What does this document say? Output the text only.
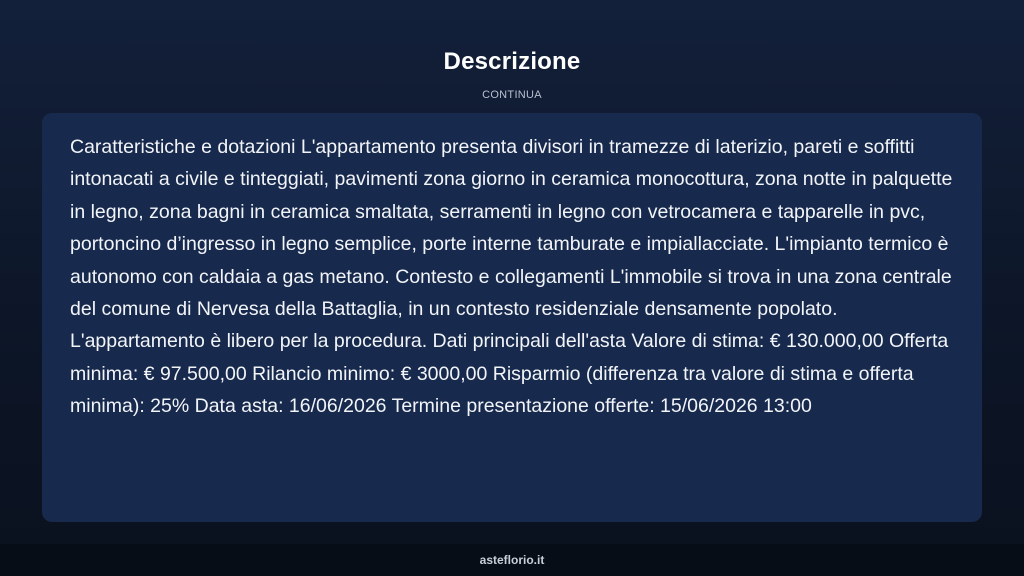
Descrizione
CONTINUA

Caratteristiche e dotazioni L'appartamento presenta divisori in tramezze di laterizio, pareti e soffitti intonacati a civile e tinteggiati, pavimenti zona giorno in ceramica monocottura, zona notte in palquette in legno, zona bagni in ceramica smaltata, serramenti in legno con vetrocamera e tapparelle in pvc, portoncino d’ingresso in legno semplice, porte interne tamburate e impiallacciate. L'impianto termico è autonomo con caldaia a gas metano. Contesto e collegamenti L'immobile si trova in una zona centrale del comune di Nervesa della Battaglia, in un contesto residenziale densamente popolato. L'appartamento è libero per la procedura. Dati principali dell'asta Valore di stima: € 130.000,00 Offerta minima: € 97.500,00 Rilancio minimo: € 3000,00 Risparmio (differenza tra valore di stima e offerta minima): 25% Data asta: 16/06/2026 Termine presentazione offerte: 15/06/2026 13:00

asteflorio.it
